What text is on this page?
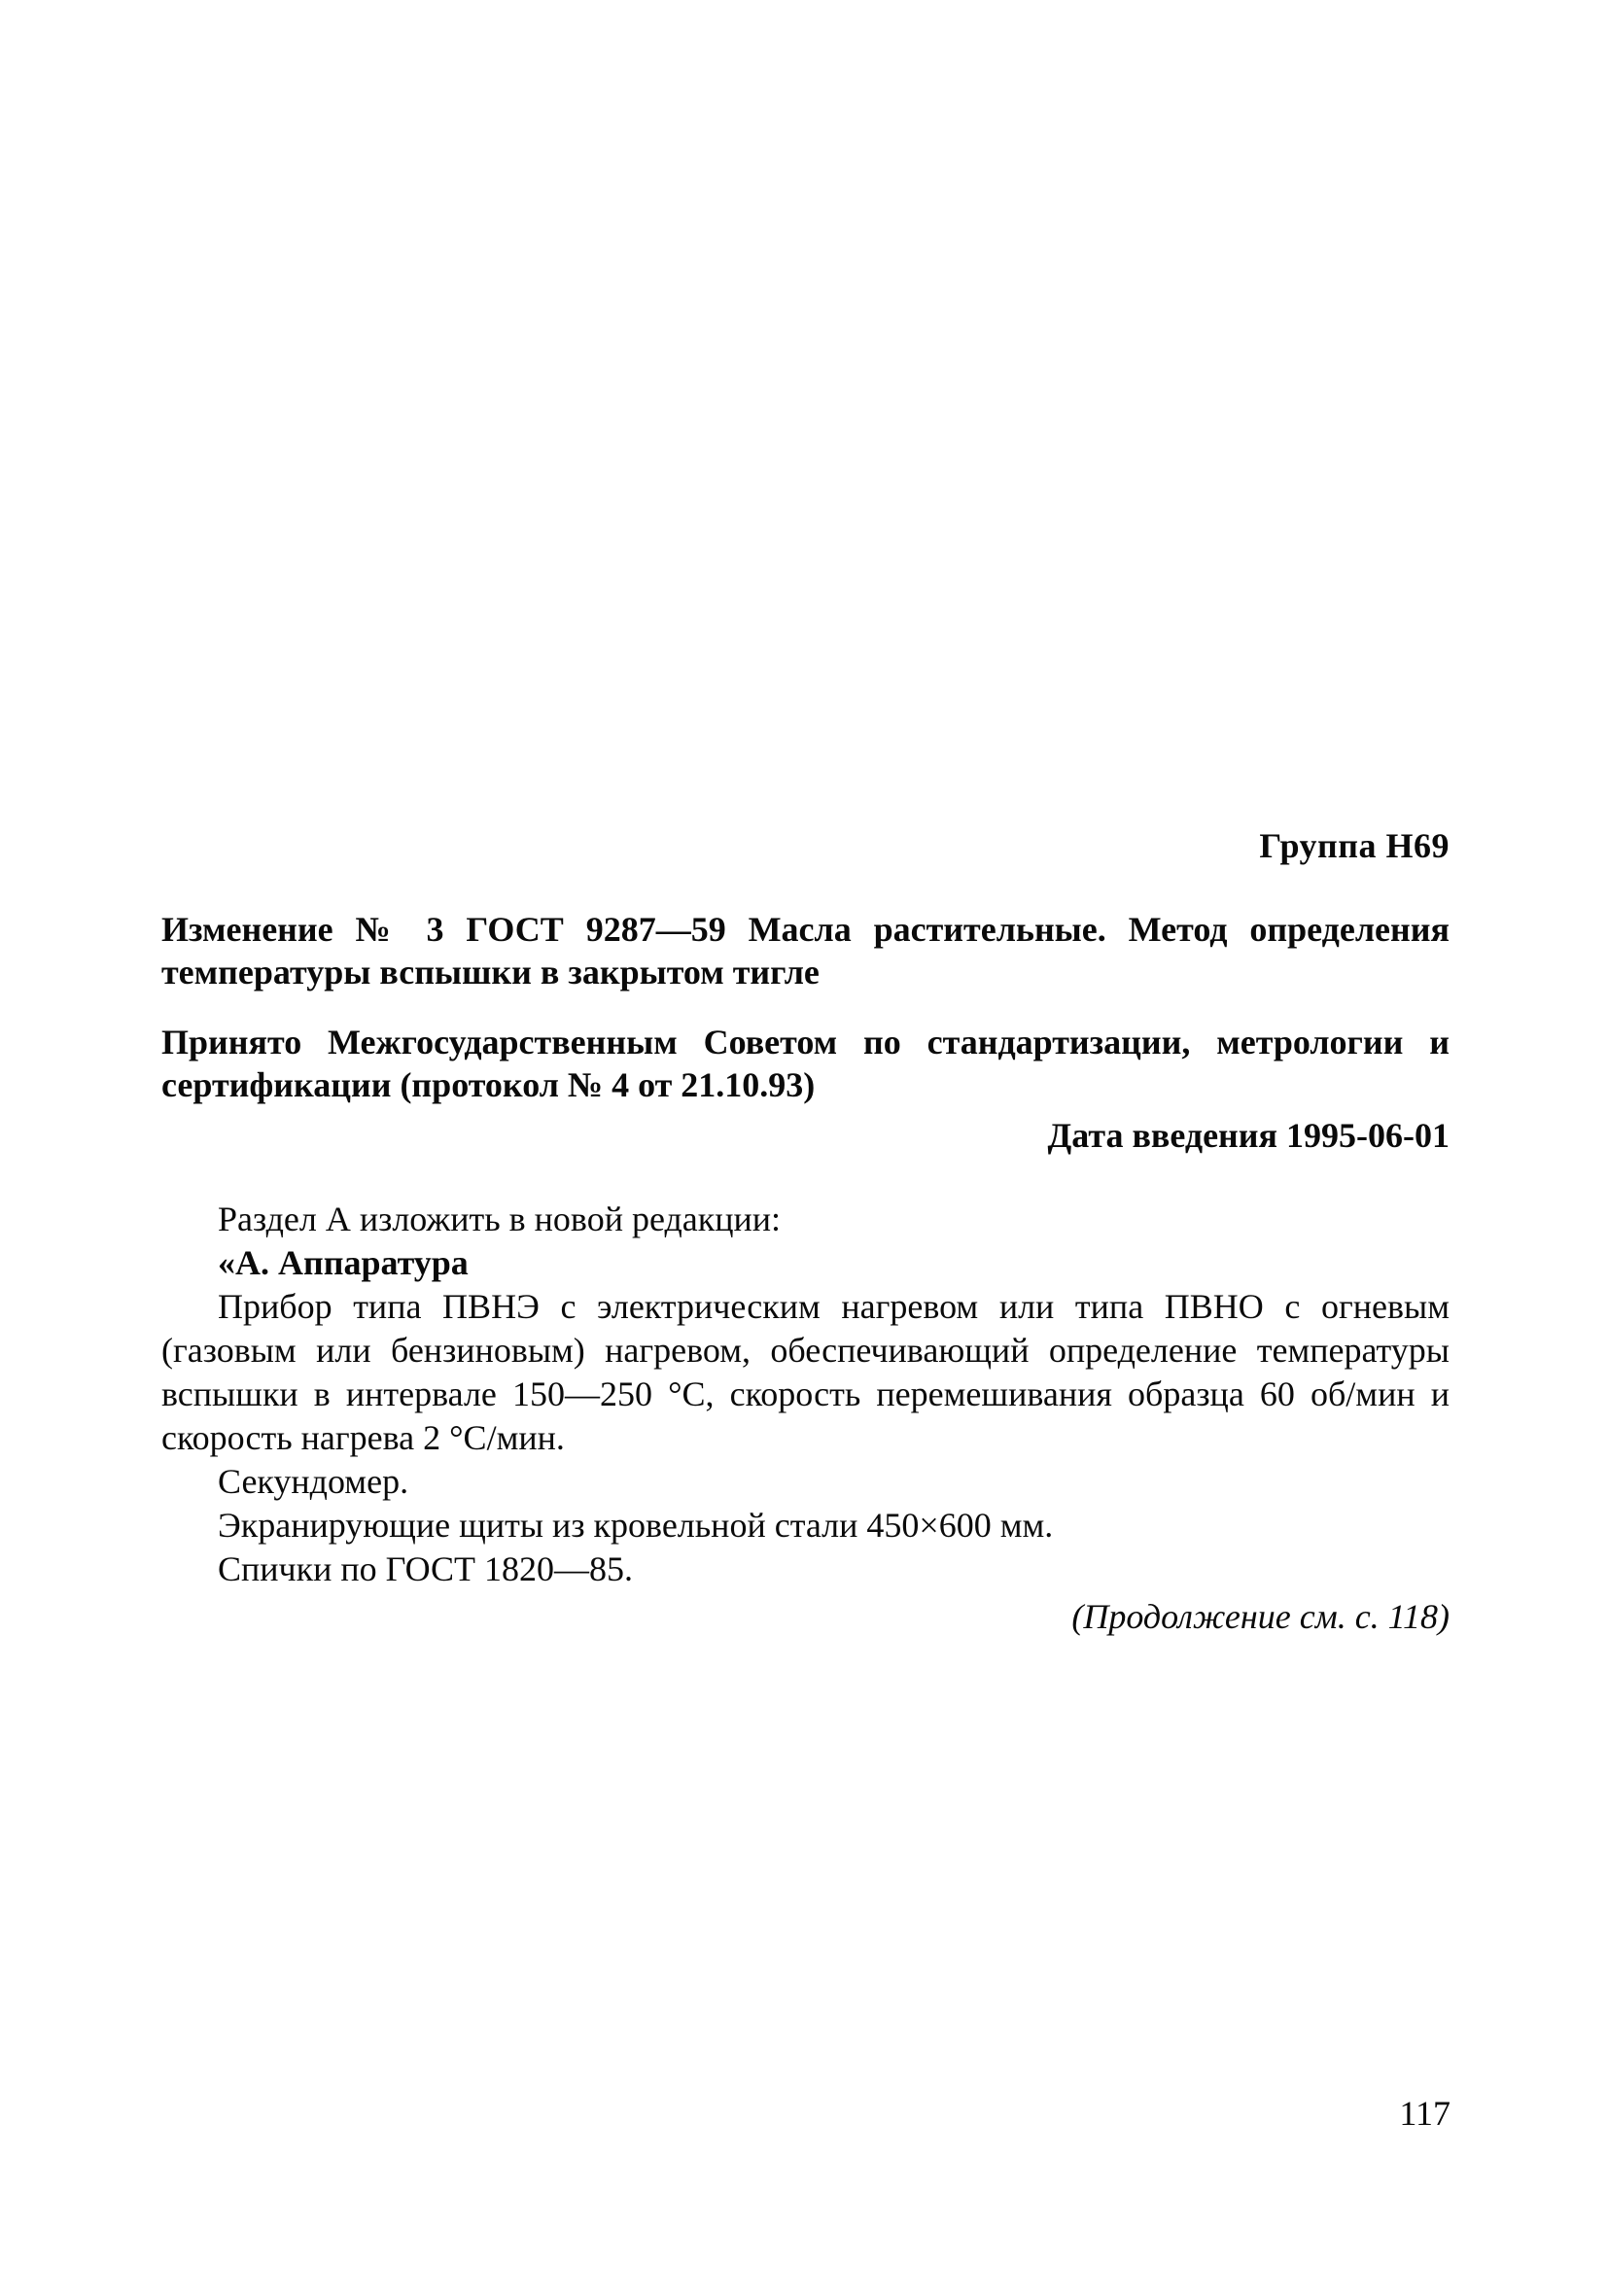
Группа Н69
Изменение № 3 ГОСТ 9287—59 Масла растительные. Метод определения температуры вспышки в закрытом тигле
Принято Межгосударственным Советом по стандартизации, метрологии и сертификации (протокол № 4 от 21.10.93)
Дата введения 1995-06-01

Раздел А изложить в новой редакции:

«А. Аппаратура

Прибор типа ПВНЭ с электрическим нагревом или типа ПВНО с огневым (газовым или бензиновым) нагревом, обеспечивающий определение температуры вспышки в интервале 150—250 °С, скорость перемешивания образца 60 об/мин и скорость нагрева 2 °С/мин.

Секундомер.

Экранирующие щиты из кровельной стали 450×600 мм.

Спички по ГОСТ 1820—85.

(Продолжение см. с. 118)
117
